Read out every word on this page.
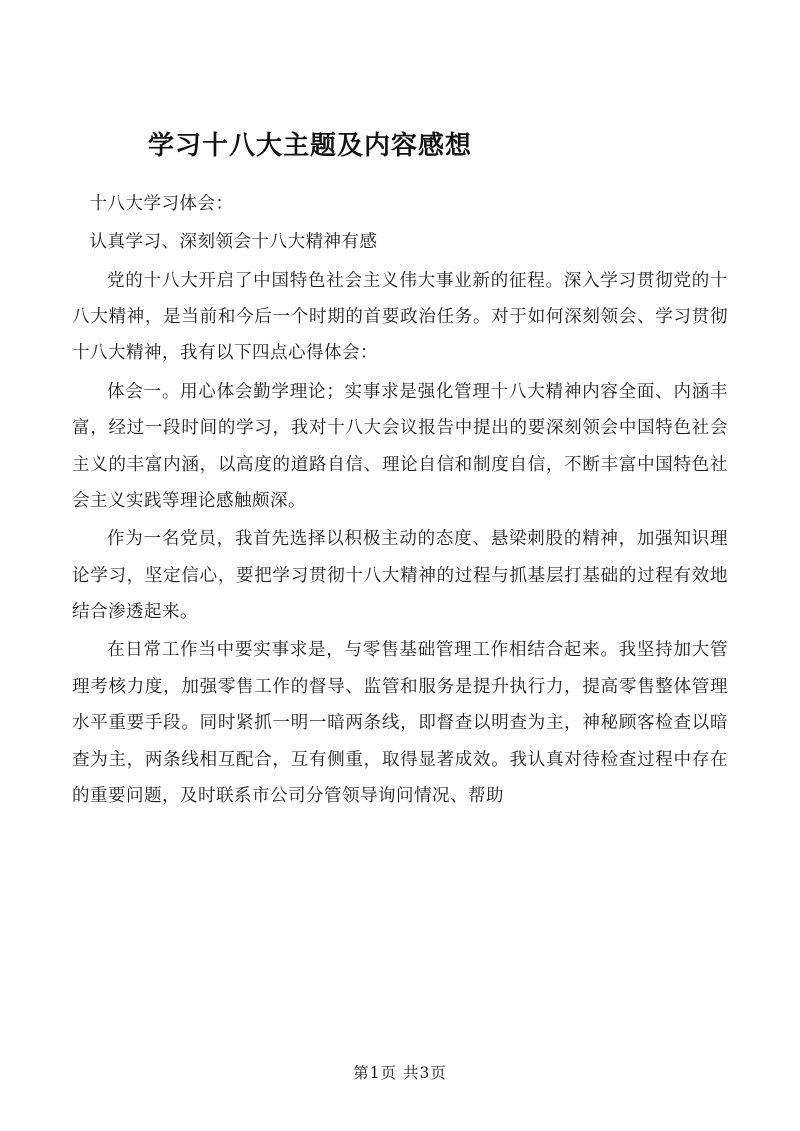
学习十八大主题及内容感想

十八大学习体会：

认真学习、深刻领会十八大精神有感

党的十八大开启了中国特色社会主义伟大事业新的征程。深入学习贯彻党的十八大精神，是当前和今后一个时期的首要政治任务。对于如何深刻领会、学习贯彻十八大精神，我有以下四点心得体会：

体会一。用心体会勤学理论；实事求是强化管理十八大精神内容全面、内涵丰富，经过一段时间的学习，我对十八大会议报告中提出的要深刻领会中国特色社会主义的丰富内涵，以高度的道路自信、理论自信和制度自信，不断丰富中国特色社会主义实践等理论感触颇深。

作为一名党员，我首先选择以积极主动的态度、悬梁刺股的精神，加强知识理论学习，坚定信心，要把学习贯彻十八大精神的过程与抓基层打基础的过程有效地结合渗透起来。

在日常工作当中要实事求是，与零售基础管理工作相结合起来。我坚持加大管理考核力度，加强零售工作的督导、监管和服务是提升执行力，提高零售整体管理水平重要手段。同时紧抓一明一暗两条线，即督查以明查为主，神秘顾客检查以暗查为主，两条线相互配合，互有侧重，取得显著成效。我认真对待检查过程中存在的重要问题，及时联系市公司分管领导询问情况、帮助

第1页 共3页
